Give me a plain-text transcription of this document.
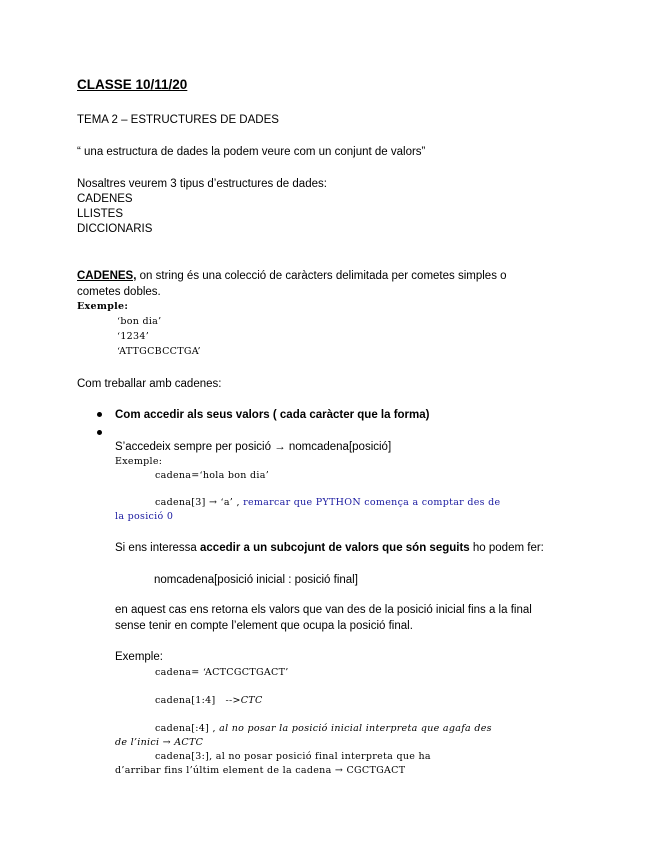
CLASSE 10/11/20
TEMA 2 – ESTRUCTURES DE DADES
“ una estructura de dades la podem veure com un conjunt de valors”
Nosaltres veurem 3 tipus d’estructures de dades:
CADENES
LLISTES
DICCIONARIS
CADENES, on string és una colecció de caràcters delimitada per cometes simples o
cometes dobles.
Exemple:
‘bon dia’
‘1234’
‘ATTGCBCCTGA’
Com treballar amb cadenes:
Com accedir als seus valors ( cada caràcter que la forma)
S’accedeix sempre per posició → nomcadena[posició]
Exemple:
cadena=‘hola bon dia’
cadena[3] → ‘a’ , remarcar que PYTHON comença a comptar des de
la posició 0
Si ens interessa accedir a un subcojunt de valors que són seguits ho podem fer:
nomcadena[posició inicial : posició final]
en aquest cas ens retorna els valors que van des de la posició inicial fins a la final
sense tenir en compte l’element que ocupa la posició final.
Exemple:
cadena= ‘ACTCGCTGACT’
cadena[1:4] -->CTC
cadena[:4] , al no posar la posició inicial interpreta que agafa des
de l’inici → ACTC
cadena[3:], al no posar posició final interpreta que ha
d’arribar fins l’últim element de la cadena → CGCTGACT
